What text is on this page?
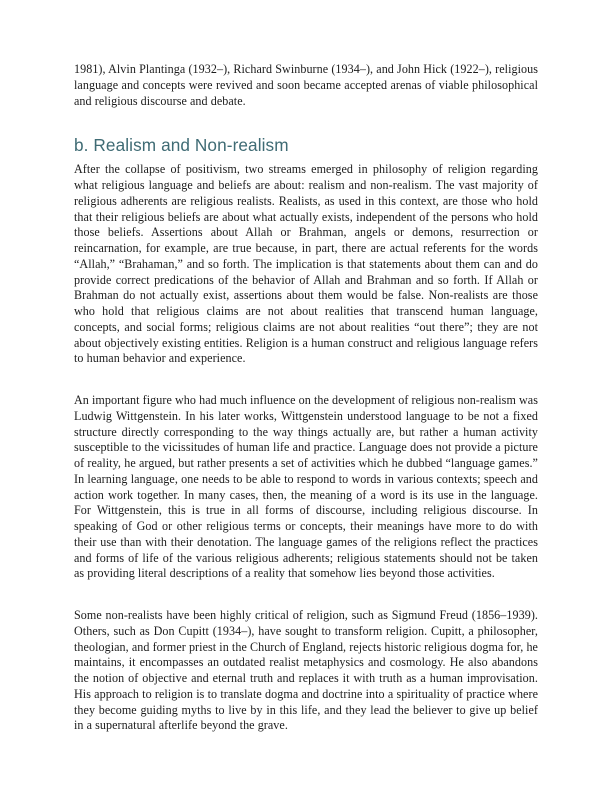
1981), Alvin Plantinga (1932–), Richard Swinburne (1934–), and John Hick (1922–), religious language and concepts were revived and soon became accepted arenas of viable philosophical and religious discourse and debate.

b. Realism and Non-realism

After the collapse of positivism, two streams emerged in philosophy of religion regarding what religious language and beliefs are about: realism and non-realism. The vast majority of religious adherents are religious realists. Realists, as used in this context, are those who hold that their religious beliefs are about what actually exists, independent of the persons who hold those beliefs. Assertions about Allah or Brahman, angels or demons, resurrection or reincarnation, for example, are true because, in part, there are actual referents for the words “Allah,” “Brahaman,” and so forth. The implication is that statements about them can and do provide correct predications of the behavior of Allah and Brahman and so forth. If Allah or Brahman do not actually exist, assertions about them would be false. Non-realists are those who hold that religious claims are not about realities that transcend human language, concepts, and social forms; religious claims are not about realities “out there”; they are not about objectively existing entities. Religion is a human construct and religious language refers to human behavior and experience.

An important figure who had much influence on the development of religious non-realism was Ludwig Wittgenstein. In his later works, Wittgenstein understood language to be not a fixed structure directly corresponding to the way things actually are, but rather a human activity susceptible to the vicissitudes of human life and practice. Language does not provide a picture of reality, he argued, but rather presents a set of activities which he dubbed “language games.” In learning language, one needs to be able to respond to words in various contexts; speech and action work together. In many cases, then, the meaning of a word is its use in the language. For Wittgenstein, this is true in all forms of discourse, including religious discourse. In speaking of God or other religious terms or concepts, their meanings have more to do with their use than with their denotation. The language games of the religions reflect the practices and forms of life of the various religious adherents; religious statements should not be taken as providing literal descriptions of a reality that somehow lies beyond those activities.

Some non-realists have been highly critical of religion, such as Sigmund Freud (1856–1939). Others, such as Don Cupitt (1934–), have sought to transform religion. Cupitt, a philosopher, theologian, and former priest in the Church of England, rejects historic religious dogma for, he maintains, it encompasses an outdated realist metaphysics and cosmology. He also abandons the notion of objective and eternal truth and replaces it with truth as a human improvisation. His approach to religion is to translate dogma and doctrine into a spirituality of practice where they become guiding myths to live by in this life, and they lead the believer to give up belief in a supernatural afterlife beyond the grave.
